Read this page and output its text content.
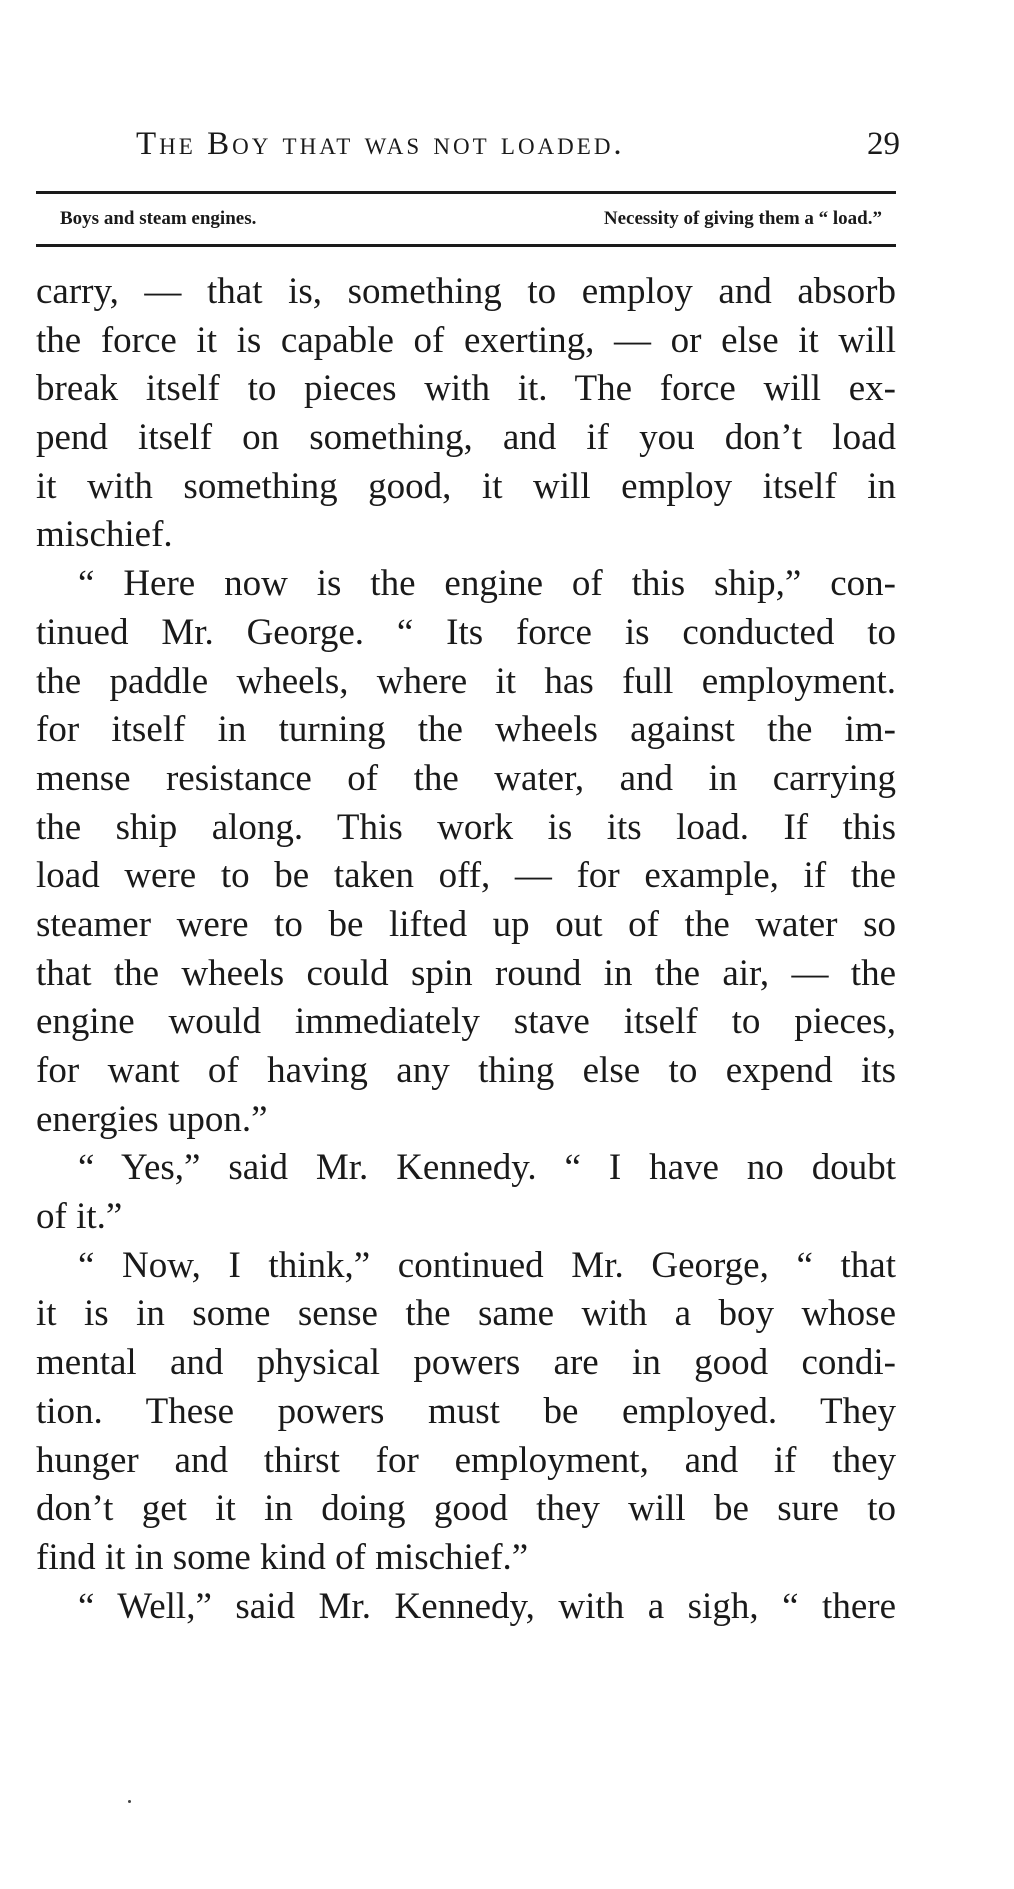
The Boy that was not loaded.	29
Boys and steam engines.	Necessity of giving them a “ load.”
carry, — that is, something to employ and absorb
the force it is capable of exerting, — or else it will
break itself to pieces with it. The force will ex-
pend itself on something, and if you don’t load
it with something good, it will employ itself in
mischief.
“ Here now is the engine of this ship,” con-
tinued Mr. George. “ Its force is conducted to
the paddle wheels, where it has full employment.
for itself in turning the wheels against the im-
mense resistance of the water, and in carrying
the ship along. This work is its load. If this
load were to be taken off, — for example, if the
steamer were to be lifted up out of the water so
that the wheels could spin round in the air, — the
engine would immediately stave itself to pieces,
for want of having any thing else to expend its
energies upon.”
“ Yes,” said Mr. Kennedy. “ I have no doubt
of it.”
“ Now, I think,” continued Mr. George, “ that
it is in some sense the same with a boy whose
mental and physical powers are in good condi-
tion. These powers must be employed. They
hunger and thirst for employment, and if they
don’t get it in doing good they will be sure to
find it in some kind of mischief.”
“ Well,” said Mr. Kennedy, with a sigh, “ there
